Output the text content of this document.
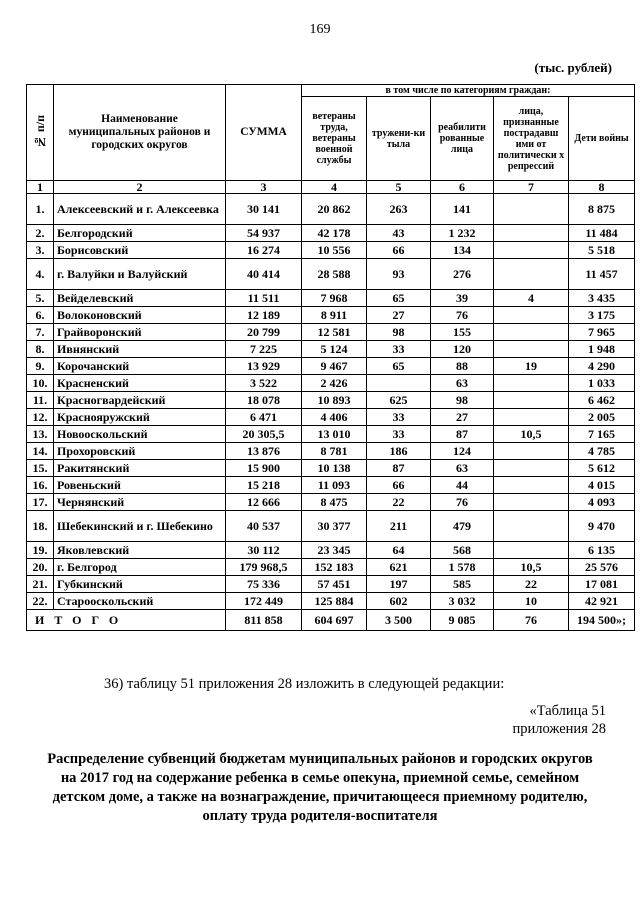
169
(тыс. рублей)
№ п/п	Наименование муниципальных районов и городских округов	СУММА	в том числе по категориям граждан:				
			ветераны труда, ветераны военной службы	тружени-ки тыла	реабилити рованные лица	лица, признанные пострадавш ими от политически х репрессий	Дети войны
1	2	3	4	5	6	7	8
1.	Алексеевский и г. Алексеевка	30 141	20 862	263	141		8 875
2.	Белгородский	54 937	42 178	43	1 232		11 484
3.	Борисовский	16 274	10 556	66	134		5 518
4.	г. Валуйки и Валуйский	40 414	28 588	93	276		11 457
5.	Вейделевский	11 511	7 968	65	39	4	3 435
6.	Волоконовский	12 189	8 911	27	76		3 175
7.	Грайворонский	20 799	12 581	98	155		7 965
8.	Ивнянский	7 225	5 124	33	120		1 948
9.	Корочанский	13 929	9 467	65	88	19	4 290
10.	Красненский	3 522	2 426		63		1 033
11.	Красногвардейский	18 078	10 893	625	98		6 462
12.	Краснояружский	6 471	4 406	33	27		2 005
13.	Новооскольский	20 305,5	13 010	33	87	10,5	7 165
14.	Прохоровский	13 876	8 781	186	124		4 785
15.	Ракитянский	15 900	10 138	87	63		5 612
16.	Ровеньский	15 218	11 093	66	44		4 015
17.	Чернянский	12 666	8 475	22	76		4 093
18.	Шебекинский и г. Шебекино	40 537	30 377	211	479		9 470
19.	Яковлевский	30 112	23 345	64	568		6 135
20.	г. Белгород	179 968,5	152 183	621	1 578	10,5	25 576
21.	Губкинский	75 336	57 451	197	585	22	17 081
22.	Старооскольский	172 449	125 884	602	3 032	10	42 921
ИТОГО		811 858	604 697	3 500	9 085	76	194 500»;
36) таблицу 51 приложения 28 изложить в следующей редакции:
«Таблица 51
приложения 28
Распределение субвенций бюджетам муниципальных районов и городских округов на 2017 год на содержание ребенка в семье опекуна, приемной семье, семейном детском доме, а также на вознаграждение, причитающееся приемному родителю, оплату труда родителя-воспитателя
